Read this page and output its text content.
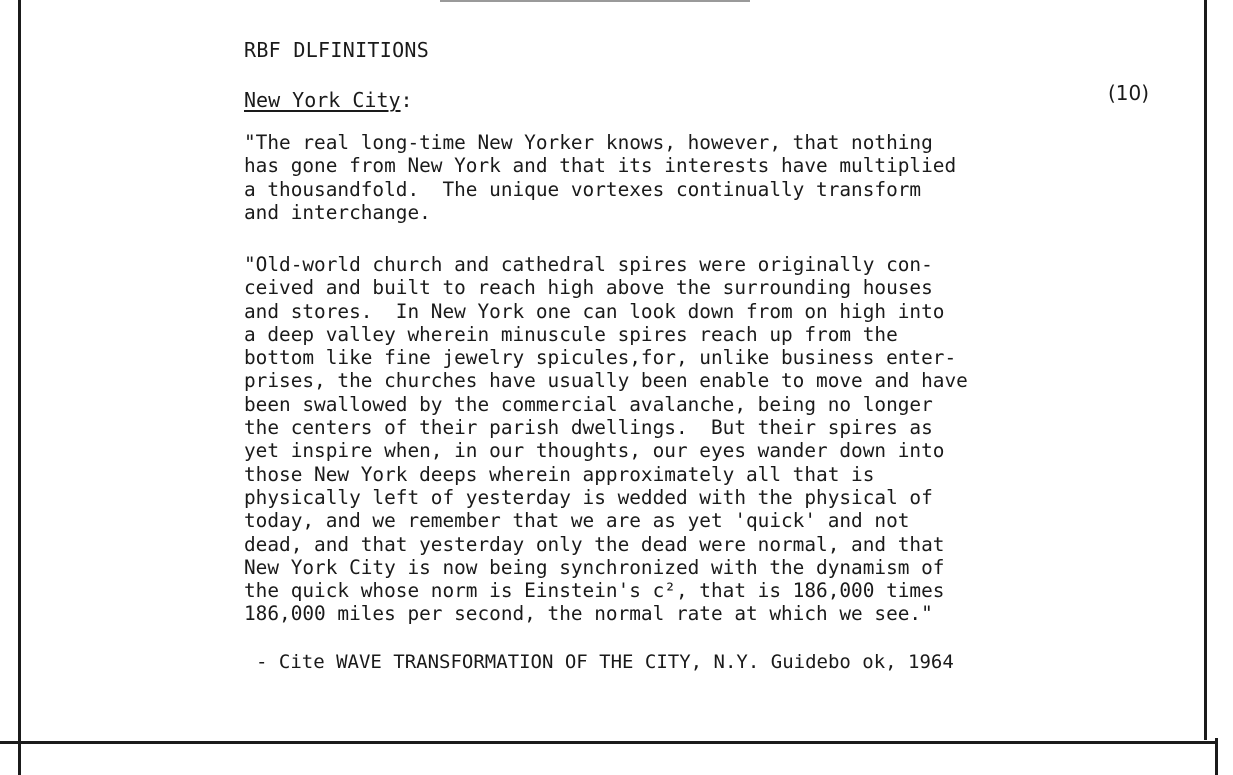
RBF DLFINITIONS
New York City:	(10)
"The real long-time New Yorker knows, however, that nothing
has gone from New York and that its interests have multiplied
a thousandfold.  The unique vortexes continually transform
and interchange.
"Old-world church and cathedral spires were originally con-
ceived and built to reach high above the surrounding houses
and stores.  In New York one can look down from on high into
a deep valley wherein minuscule spires reach up from the
bottom like fine jewelry spicules,for, unlike business enter-
prises, the churches have usually been enable to move and have
been swallowed by the commercial avalanche, being no longer
the centers of their parish dwellings.  But their spires as
yet inspire when, in our thoughts, our eyes wander down into
those New York deeps wherein approximately all that is
physically left of yesterday is wedded with the physical of
today, and we remember that we are as yet 'quick' and not
dead, and that yesterday only the dead were normal, and that
New York City is now being synchronized with the dynamism of
the quick whose norm is Einstein's c², that is 186,000 times
186,000 miles per second, the normal rate at which we see."
- Cite WAVE TRANSFORMATION OF THE CITY, N.Y. Guidebo ok, 1964
